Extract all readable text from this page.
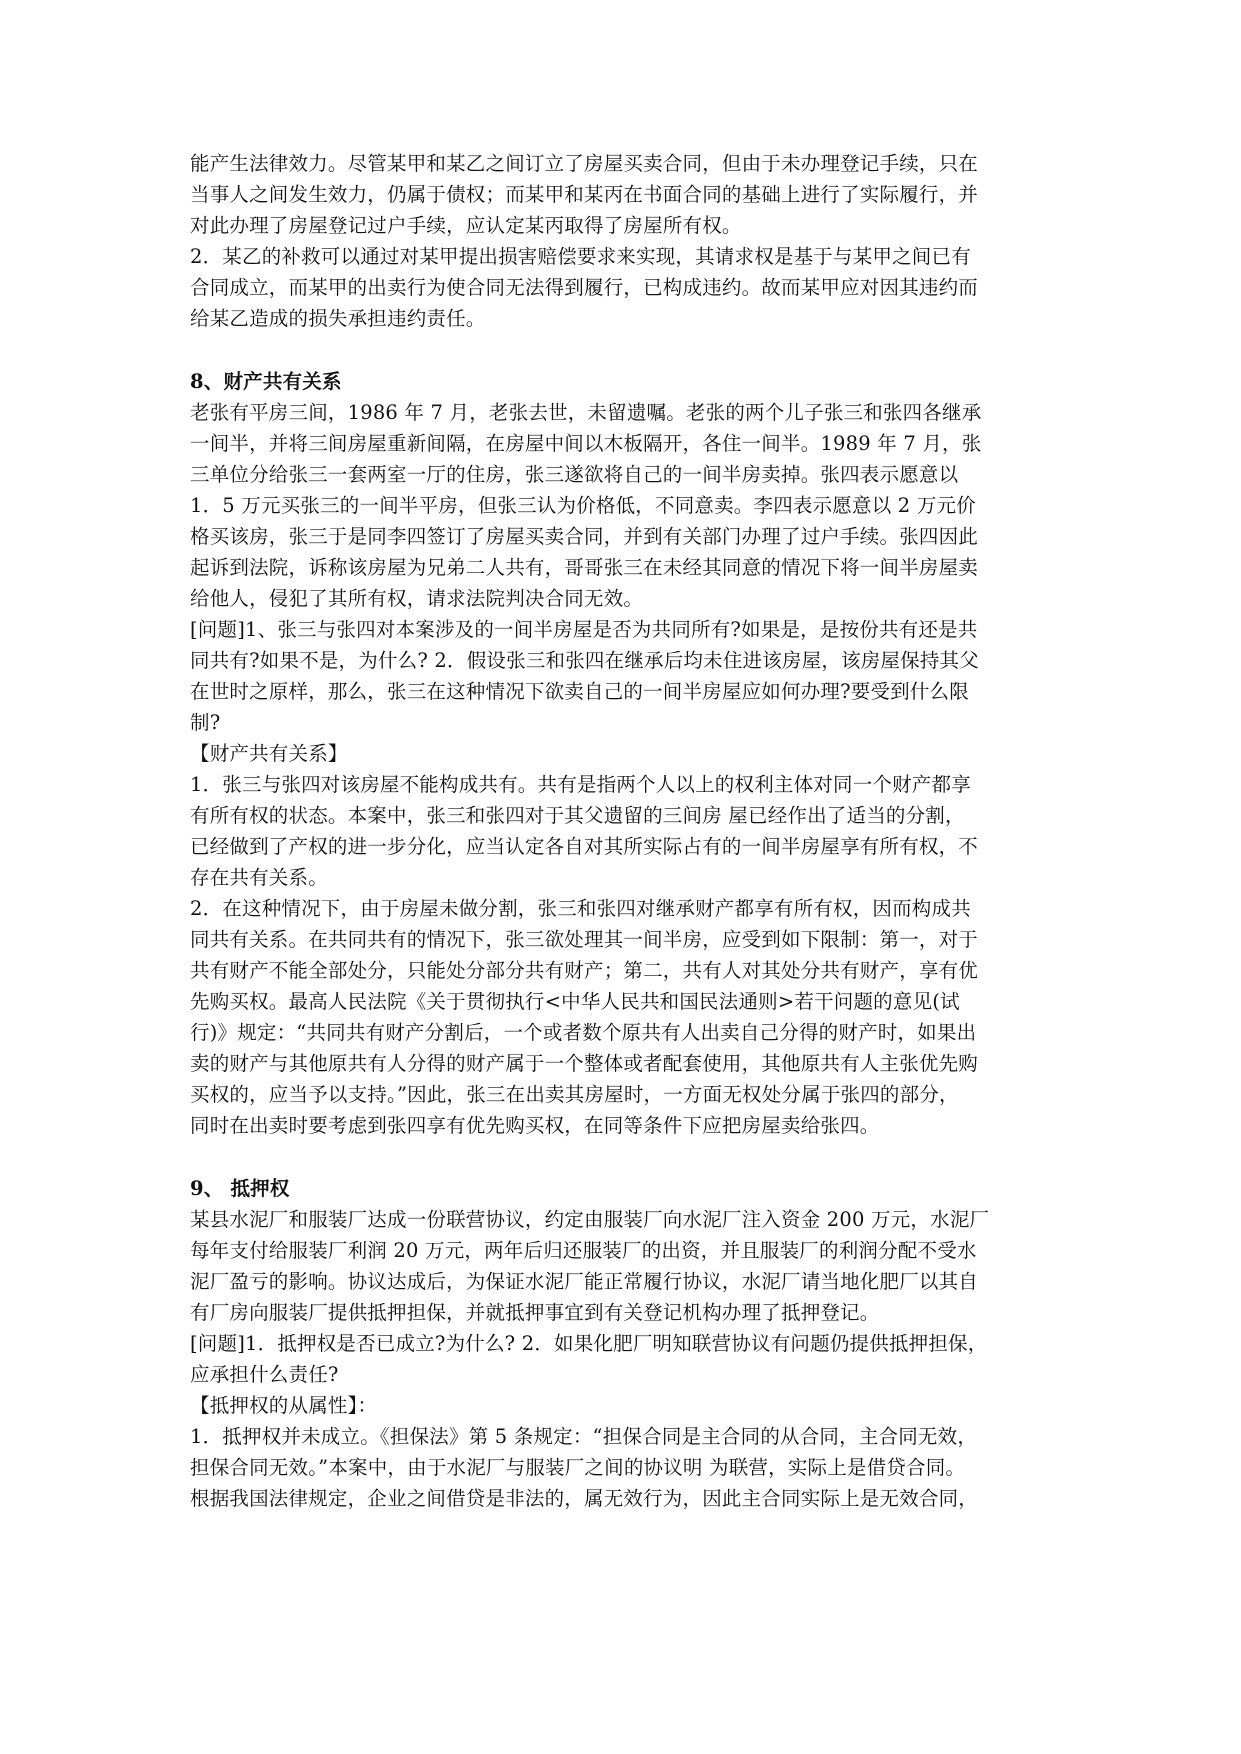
能产生法律效力。尽管某甲和某乙之间订立了房屋买卖合同，但由于未办理登记手续，只在
当事人之间发生效力，仍属于债权；而某甲和某丙在书面合同的基础上进行了实际履行，并
对此办理了房屋登记过户手续，应认定某丙取得了房屋所有权。
2．某乙的补救可以通过对某甲提出损害赔偿要求来实现，其请求权是基于与某甲之间已有
合同成立，而某甲的出卖行为使合同无法得到履行，已构成违约。故而某甲应对因其违约而
给某乙造成的损失承担违约责任。
8、财产共有关系
老张有平房三间，1986 年 7 月，老张去世，未留遗嘱。老张的两个儿子张三和张四各继承
一间半，并将三间房屋重新间隔，在房屋中间以木板隔开，各住一间半。1989 年 7 月，张
三单位分给张三一套两室一厅的住房，张三遂欲将自己的一间半房卖掉。张四表示愿意以
1．5 万元买张三的一间半平房，但张三认为价格低，不同意卖。李四表示愿意以 2 万元价
格买该房，张三于是同李四签订了房屋买卖合同，并到有关部门办理了过户手续。张四因此
起诉到法院，诉称该房屋为兄弟二人共有，哥哥张三在未经其同意的情况下将一间半房屋卖
给他人，侵犯了其所有权，请求法院判决合同无效。
[问题]1、张三与张四对本案涉及的一间半房屋是否为共同所有?如果是，是按份共有还是共
同共有?如果不是，为什么? 2．假设张三和张四在继承后均未住进该房屋，该房屋保持其父
在世时之原样，那么，张三在这种情况下欲卖自己的一间半房屋应如何办理?要受到什么限
制?
【财产共有关系】
1．张三与张四对该房屋不能构成共有。共有是指两个人以上的权利主体对同一个财产都享
有所有权的状态。本案中，张三和张四对于其父遗留的三间房 屋已经作出了适当的分割，
已经做到了产权的进一步分化，应当认定各自对其所实际占有的一间半房屋享有所有权，不
存在共有关系。
2．在这种情况下，由于房屋未做分割，张三和张四对继承财产都享有所有权，因而构成共
同共有关系。在共同共有的情况下，张三欲处理其一间半房，应受到如下限制：第一，对于
共有财产不能全部处分，只能处分部分共有财产；第二，共有人对其处分共有财产，享有优
先购买权。最高人民法院《关于贯彻执行<中华人民共和国民法通则>若干问题的意见(试
行)》规定：“共同共有财产分割后，一个或者数个原共有人出卖自己分得的财产时，如果出
卖的财产与其他原共有人分得的财产属于一个整体或者配套使用，其他原共有人主张优先购
买权的，应当予以支持。”因此，张三在出卖其房屋时，一方面无权处分属于张四的部分，
同时在出卖时要考虑到张四享有优先购买权，在同等条件下应把房屋卖给张四。
9、 抵押权
某县水泥厂和服装厂达成一份联营协议，约定由服装厂向水泥厂注入资金 200 万元，水泥厂
每年支付给服装厂利润 20 万元，两年后归还服装厂的出资，并且服装厂的利润分配不受水
泥厂盈亏的影响。协议达成后，为保证水泥厂能正常履行协议，水泥厂请当地化肥厂以其自
有厂房向服装厂提供抵押担保，并就抵押事宜到有关登记机构办理了抵押登记。
[问题]1．抵押权是否已成立?为什么? 2．如果化肥厂明知联营协议有问题仍提供抵押担保，
应承担什么责任?
【抵押权的从属性】：
1．抵押权并未成立。《担保法》第 5 条规定：“担保合同是主合同的从合同，主合同无效，
担保合同无效。”本案中，由于水泥厂与服装厂之间的协议明 为联营，实际上是借贷合同。
根据我国法律规定，企业之间借贷是非法的，属无效行为，因此主合同实际上是无效合同，
